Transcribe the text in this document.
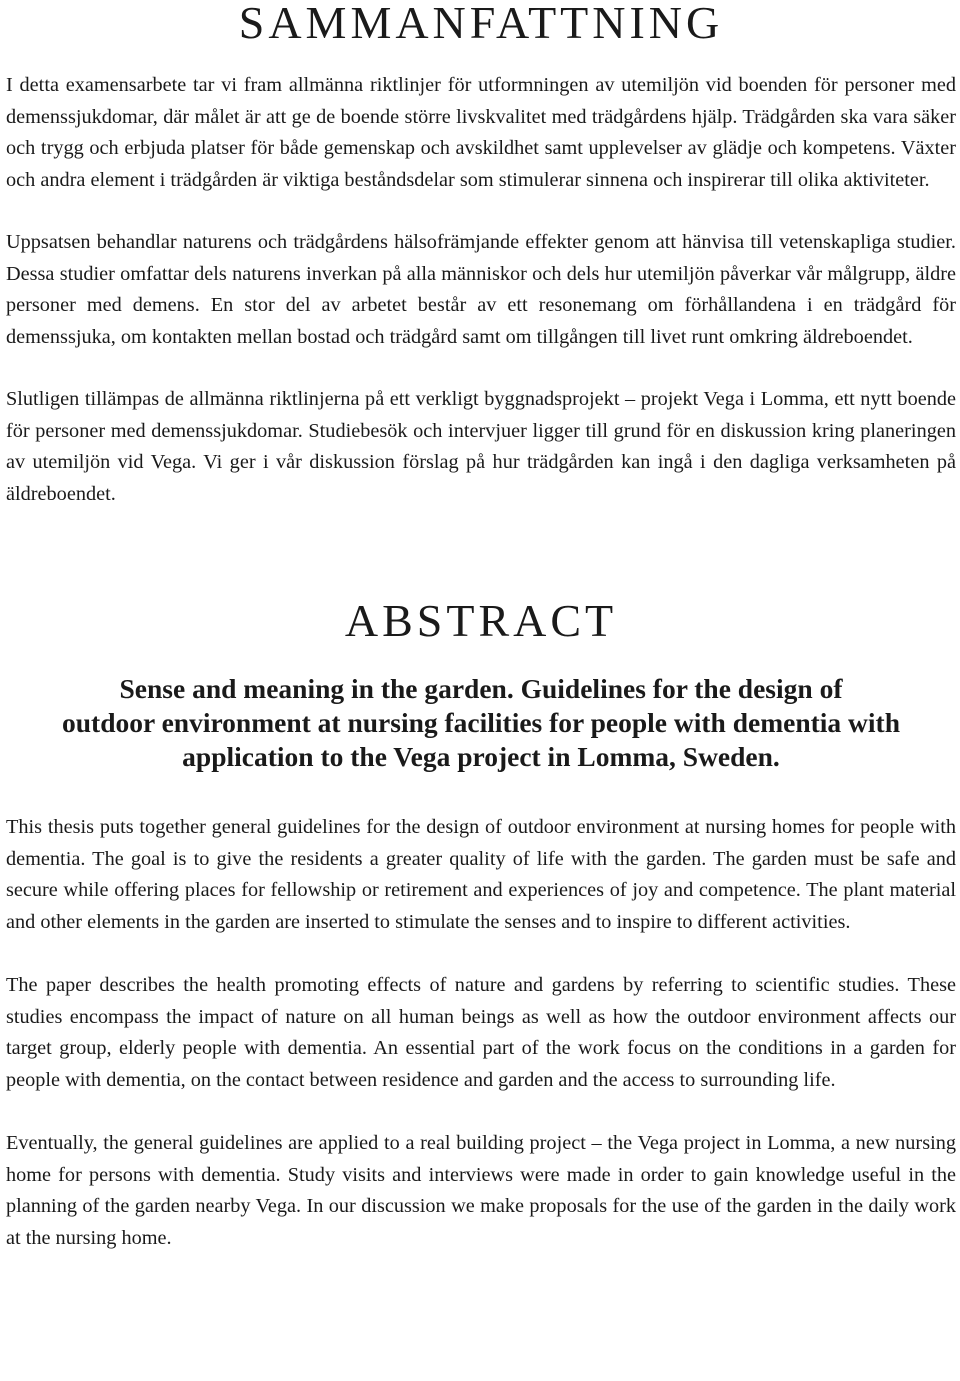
SAMMANFATTNING

I detta examensarbete tar vi fram allmänna riktlinjer för utformningen av utemiljön vid boenden för personer med demenssjukdomar, där målet är att ge de boende större livskvalitet med trädgårdens hjälp. Trädgården ska vara säker och trygg och erbjuda platser för både gemenskap och avskildhet samt upplevelser av glädje och kompetens. Växter och andra element i trädgården är viktiga beståndsdelar som stimulerar sinnena och inspirerar till olika aktiviteter.

Uppsatsen behandlar naturens och trädgårdens hälsofrämjande effekter genom att hänvisa till vetenskapliga studier. Dessa studier omfattar dels naturens inverkan på alla människor och dels hur utemiljön påverkar vår målgrupp, äldre personer med demens. En stor del av arbetet består av ett resonemang om förhållandena i en trädgård för demenssjuka, om kontakten mellan bostad och trädgård samt om tillgången till livet runt omkring äldreboendet.

Slutligen tillämpas de allmänna riktlinjerna på ett verkligt byggnadsprojekt – projekt Vega i Lomma, ett nytt boende för personer med demenssjukdomar. Studiebesök och intervjuer ligger till grund för en diskussion kring planeringen av utemiljön vid Vega. Vi ger i vår diskussion förslag på hur trädgården kan ingå i den dagliga verksamheten på äldreboendet.

ABSTRACT
Sense and meaning in the garden. Guidelines for the design of
outdoor environment at nursing facilities for people with dementia with
application to the Vega project in Lomma, Sweden.

This thesis puts together general guidelines for the design of outdoor environment at nursing homes for people with dementia. The goal is to give the residents a greater quality of life with the garden. The garden must be safe and secure while offering places for fellowship or retirement and experiences of joy and competence. The plant material and other elements in the garden are inserted to stimulate the senses and to inspire to different activities.

The paper describes the health promoting effects of nature and gardens by referring to scientific studies. These studies encompass the impact of nature on all human beings as well as how the outdoor environment affects our target group, elderly people with dementia. An essential part of the work focus on the conditions in a garden for people with dementia, on the contact between residence and garden and the access to surrounding life.

Eventually, the general guidelines are applied to a real building project – the Vega project in Lomma, a new nursing home for persons with dementia. Study visits and interviews were made in order to gain knowledge useful in the planning of the garden nearby Vega. In our discussion we make proposals for the use of the garden in the daily work at the nursing home.
